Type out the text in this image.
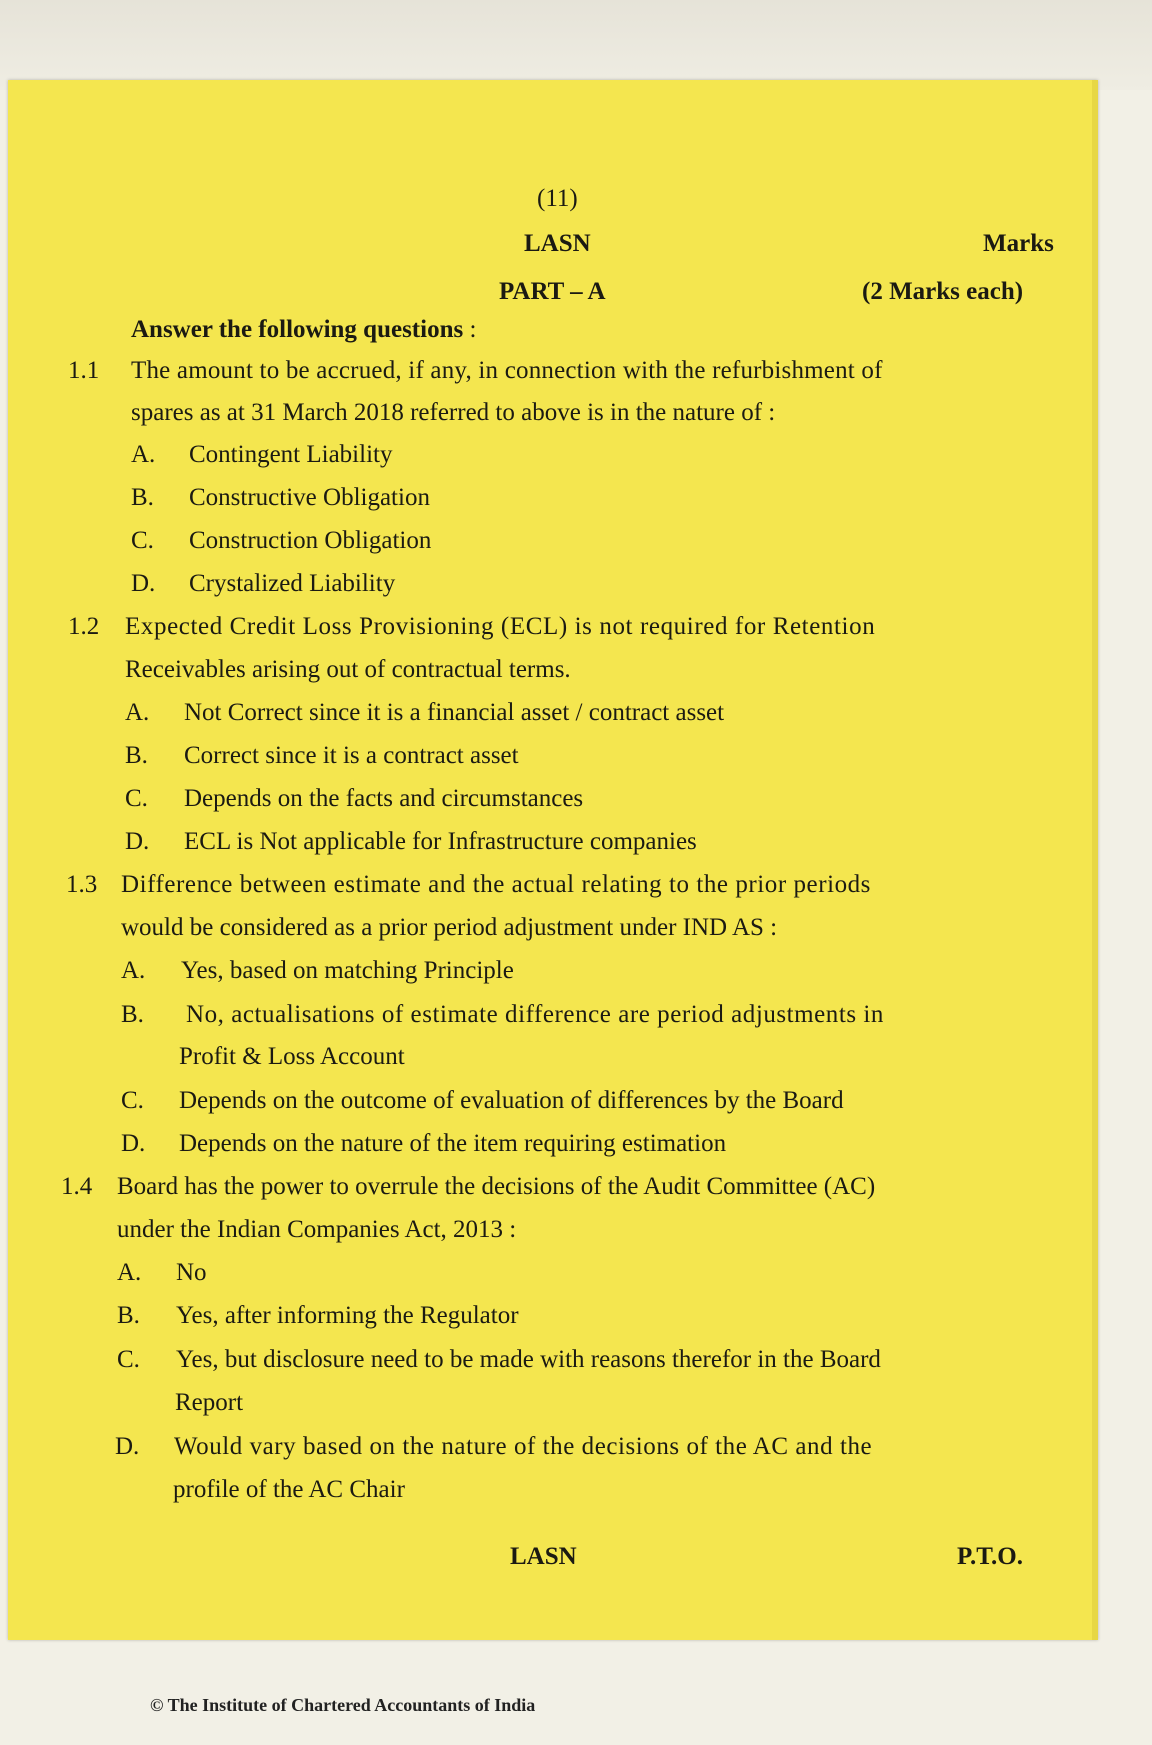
(11)
LASN	Marks
PART – A	(2 Marks each)
Answer the following questions :
1.1 The amount to be accrued, if any, in connection with the refurbishment of
spares as at 31 March 2018 referred to above is in the nature of :
A. Contingent Liability
B. Constructive Obligation
C. Construction Obligation
D. Crystalized Liability
1.2 Expected Credit Loss Provisioning (ECL) is not required for Retention
Receivables arising out of contractual terms.
A. Not Correct since it is a financial asset / contract asset
B. Correct since it is a contract asset
C. Depends on the facts and circumstances
D. ECL is Not applicable for Infrastructure companies
1.3 Difference between estimate and the actual relating to the prior periods
would be considered as a prior period adjustment under IND AS :
A. Yes, based on matching Principle
B. No, actualisations of estimate difference are period adjustments in
Profit & Loss Account
C. Depends on the outcome of evaluation of differences by the Board
D. Depends on the nature of the item requiring estimation
1.4 Board has the power to overrule the decisions of the Audit Committee (AC)
under the Indian Companies Act, 2013 :
A. No
B. Yes, after informing the Regulator
C. Yes, but disclosure need to be made with reasons therefor in the Board
Report
D. Would vary based on the nature of the decisions of the AC and the
profile of the AC Chair
LASN	P.T.O.
© The Institute of Chartered Accountants of India
